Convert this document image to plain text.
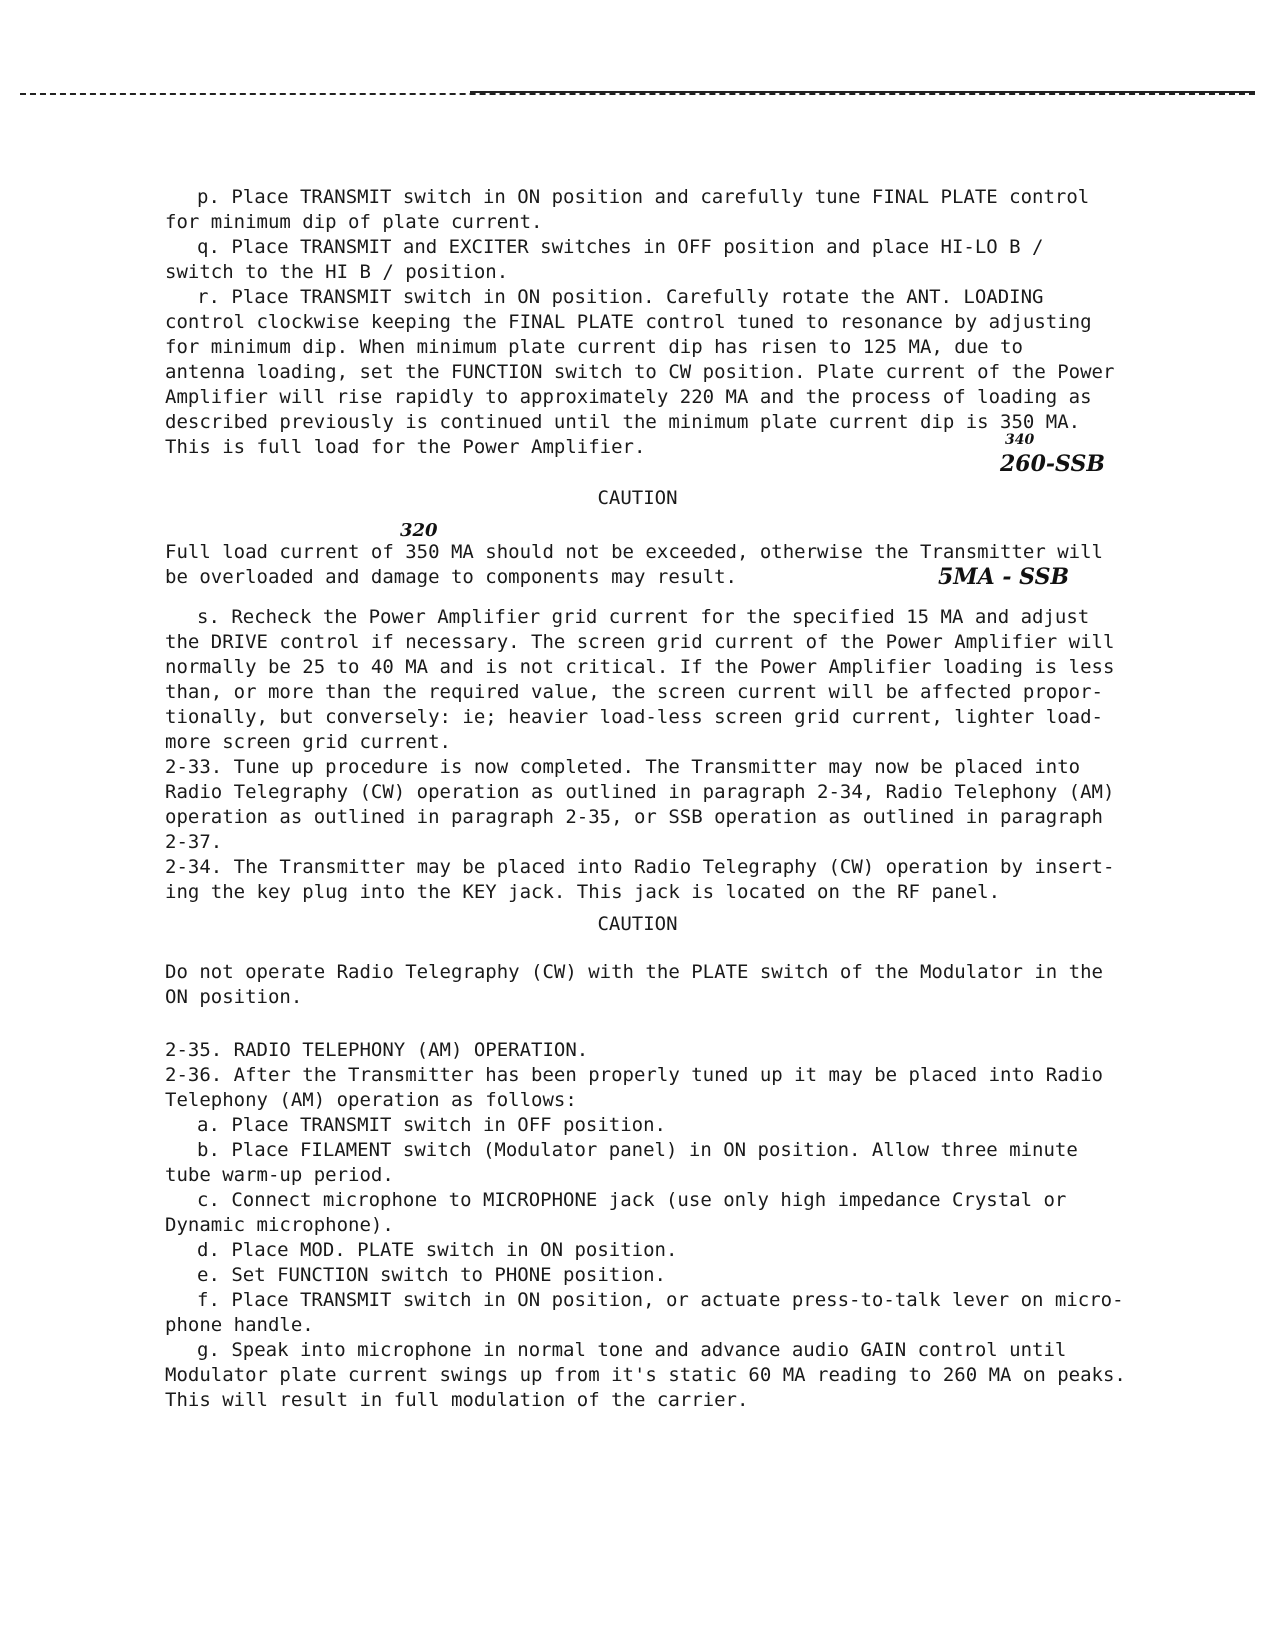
p. Place TRANSMIT switch in ON position and carefully tune FINAL PLATE control
for minimum dip of plate current.
q. Place TRANSMIT and EXCITER switches in OFF position and place HI-LO B /
switch to the HI B / position.
r. Place TRANSMIT switch in ON position. Carefully rotate the ANT. LOADING
control clockwise keeping the FINAL PLATE control tuned to resonance by adjusting
for minimum dip. When minimum plate current dip has risen to 125 MA, due to
antenna loading, set the FUNCTION switch to CW position. Plate current of the Power
Amplifier will rise rapidly to approximately 220 MA and the process of loading as
described previously is continued until the minimum plate current dip is 350 MA.
This is full load for the Power Amplifier.	340
260-SSB
CAUTION
320
Full load current of 350 MA should not be exceeded, otherwise the Transmitter will
be overloaded and damage to components may result.	5MA - SSB
s. Recheck the Power Amplifier grid current for the specified 15 MA and adjust
the DRIVE control if necessary. The screen grid current of the Power Amplifier will
normally be 25 to 40 MA and is not critical. If the Power Amplifier loading is less
than, or more than the required value, the screen current will be affected propor-
tionally, but conversely: ie; heavier load-less screen grid current, lighter load-
more screen grid current.
2-33. Tune up procedure is now completed. The Transmitter may now be placed into
Radio Telegraphy (CW) operation as outlined in paragraph 2-34, Radio Telephony (AM)
operation as outlined in paragraph 2-35, or SSB operation as outlined in paragraph
2-37.
2-34. The Transmitter may be placed into Radio Telegraphy (CW) operation by insert-
ing the key plug into the KEY jack. This jack is located on the RF panel.
CAUTION
Do not operate Radio Telegraphy (CW) with the PLATE switch of the Modulator in the
ON position.
2-35. RADIO TELEPHONY (AM) OPERATION.
2-36. After the Transmitter has been properly tuned up it may be placed into Radio
Telephony (AM) operation as follows:
a. Place TRANSMIT switch in OFF position.
b. Place FILAMENT switch (Modulator panel) in ON position. Allow three minute
tube warm-up period.
c. Connect microphone to MICROPHONE jack (use only high impedance Crystal or
Dynamic microphone).
d. Place MOD. PLATE switch in ON position.
e. Set FUNCTION switch to PHONE position.
f. Place TRANSMIT switch in ON position, or actuate press-to-talk lever on micro-
phone handle.
g. Speak into microphone in normal tone and advance audio GAIN control until
Modulator plate current swings up from it's static 60 MA reading to 260 MA on peaks.
This will result in full modulation of the carrier.
